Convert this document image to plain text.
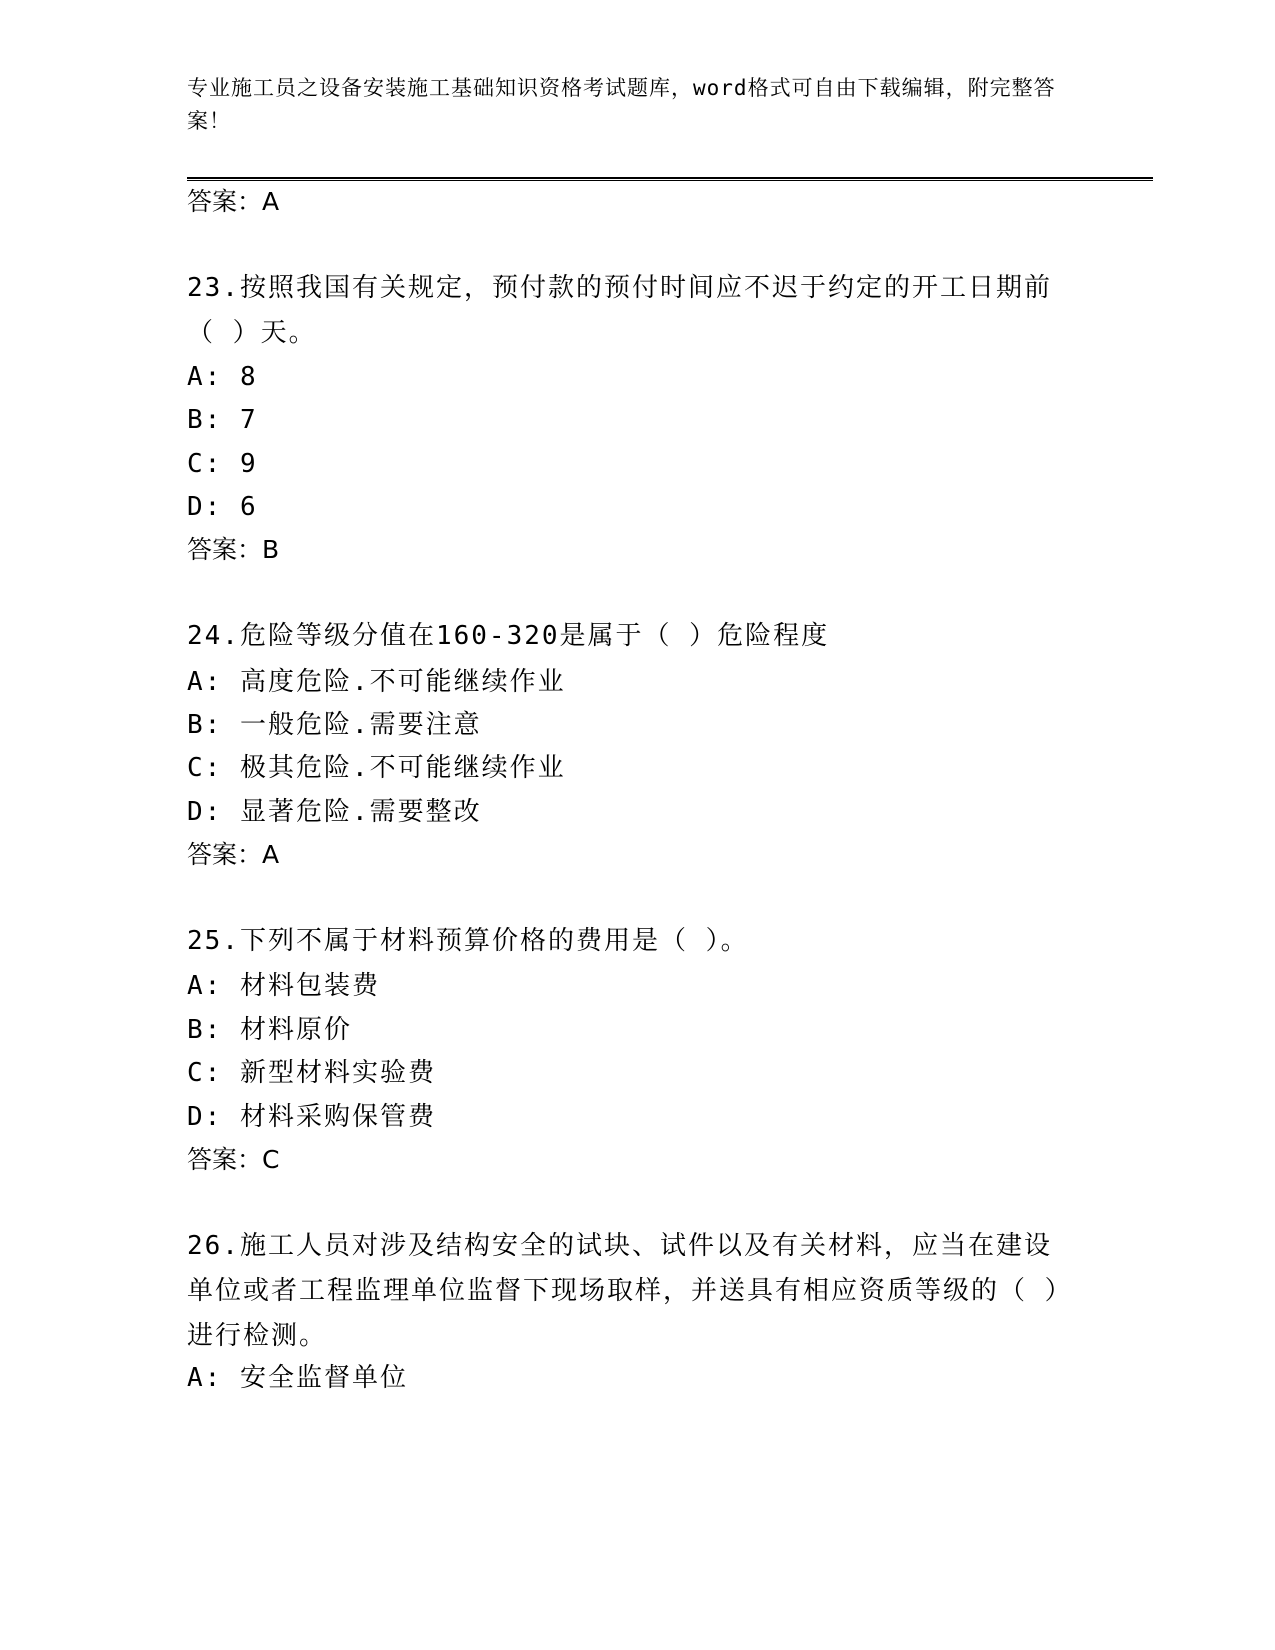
专业施工员之设备安装施工基础知识资格考试题库，word格式可自由下载编辑，附完整答案！
答案：A
23.按照我国有关规定，预付款的预付时间应不迟于约定的开工日期前（ ）天。
A: 8
B: 7
C: 9
D: 6
答案：B
24.危险等级分值在160-320是属于（ ）危险程度
A: 高度危险.不可能继续作业
B: 一般危险.需要注意
C: 极其危险.不可能继续作业
D: 显著危险.需要整改
答案：A
25.下列不属于材料预算价格的费用是（ ）。
A: 材料包装费
B: 材料原价
C: 新型材料实验费
D: 材料采购保管费
答案：C
26.施工人员对涉及结构安全的试块、试件以及有关材料，应当在建设单位或者工程监理单位监督下现场取样，并送具有相应资质等级的（ ）进行检测。
A: 安全监督单位
